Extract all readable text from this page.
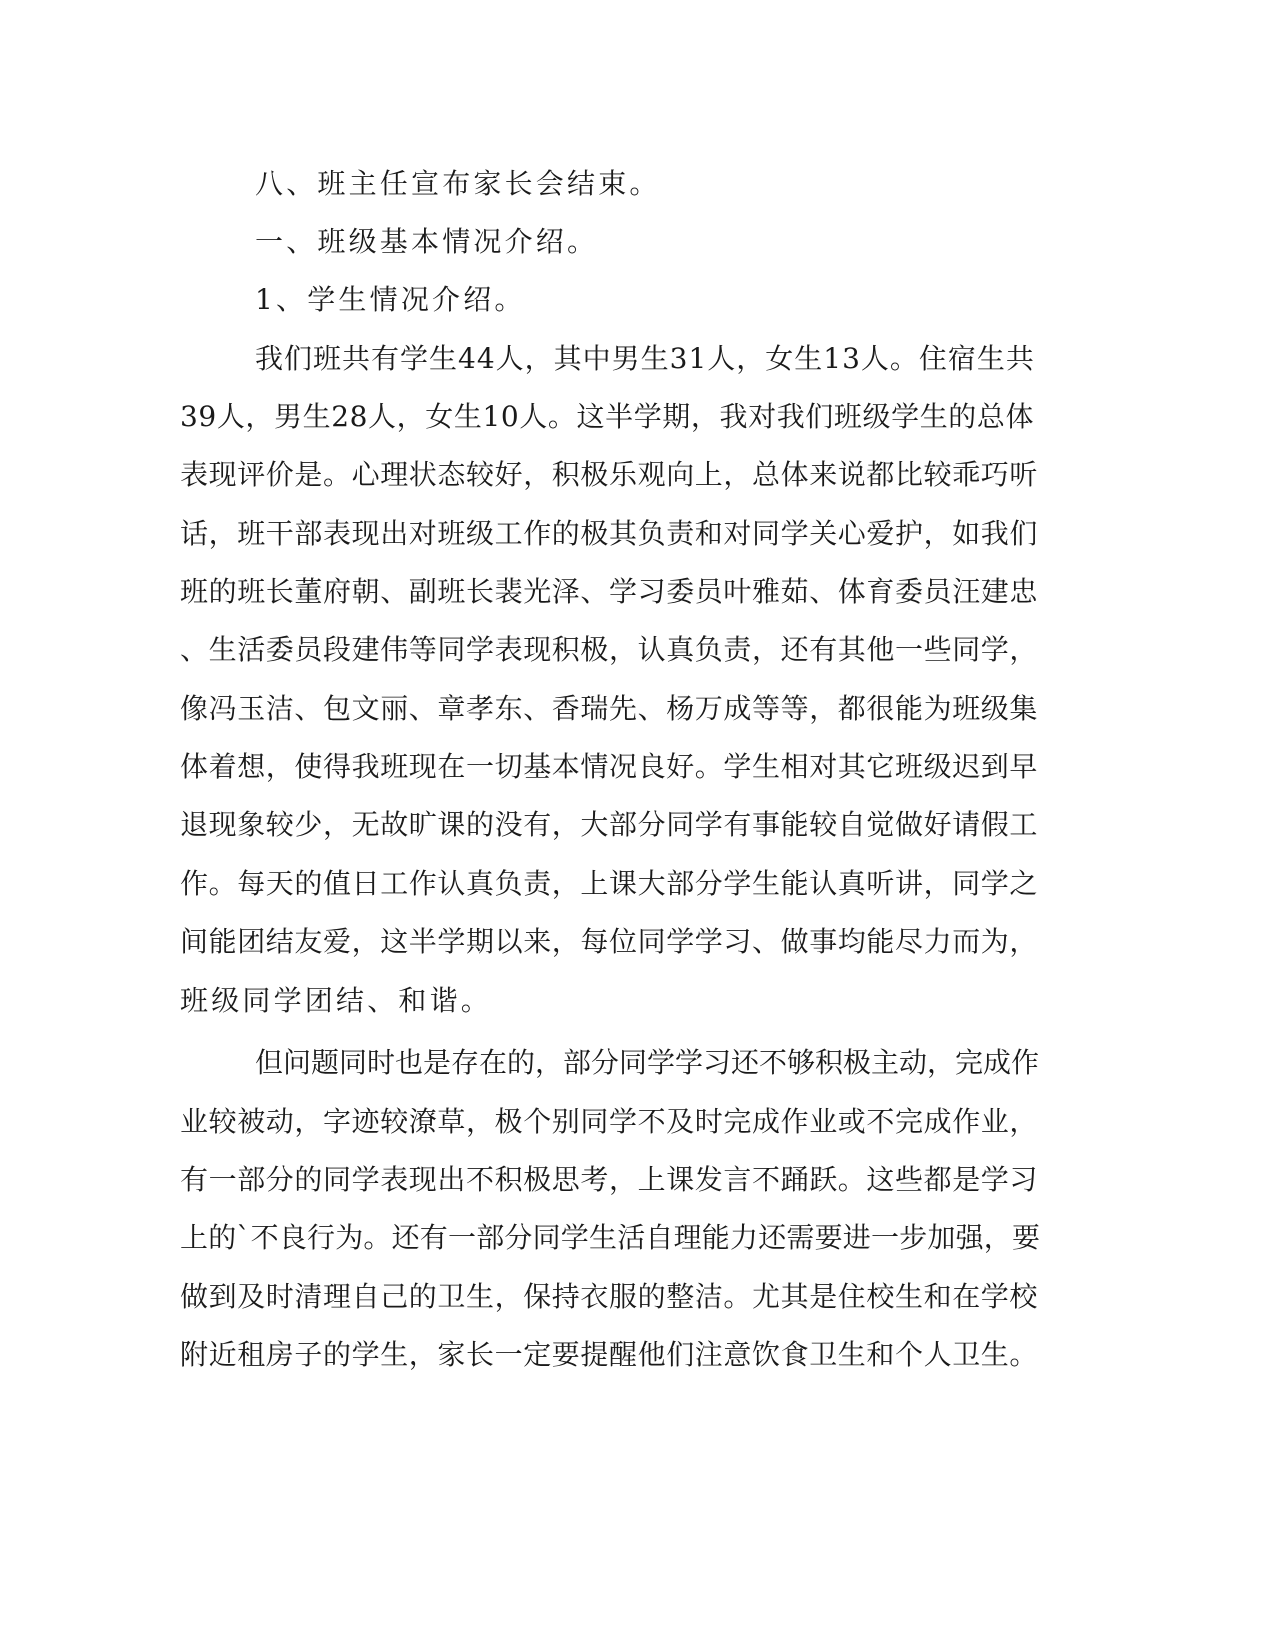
八、班主任宣布家长会结束。
一、班级基本情况介绍。
1、学生情况介绍。
我们班共有学生44人，其中男生31人，女生13人。住宿生共
39人，男生28人，女生10人。这半学期，我对我们班级学生的总体
表现评价是。心理状态较好，积极乐观向上，总体来说都比较乖巧听
话，班干部表现出对班级工作的极其负责和对同学关心爱护，如我们
班的班长董府朝、副班长裴光泽、学习委员叶雅茹、体育委员汪建忠
、生活委员段建伟等同学表现积极，认真负责，还有其他一些同学，
像冯玉洁、包文丽、章孝东、香瑞先、杨万成等等，都很能为班级集
体着想，使得我班现在一切基本情况良好。学生相对其它班级迟到早
退现象较少，无故旷课的没有，大部分同学有事能较自觉做好请假工
作。每天的值日工作认真负责，上课大部分学生能认真听讲，同学之
间能团结友爱，这半学期以来，每位同学学习、做事均能尽力而为，
班级同学团结、和谐。
但问题同时也是存在的，部分同学学习还不够积极主动，完成作
业较被动，字迹较潦草，极个别同学不及时完成作业或不完成作业，
有一部分的同学表现出不积极思考，上课发言不踊跃。这些都是学习
上的`不良行为。还有一部分同学生活自理能力还需要进一步加强，要
做到及时清理自己的卫生，保持衣服的整洁。尤其是住校生和在学校
附近租房子的学生，家长一定要提醒他们注意饮食卫生和个人卫生。
